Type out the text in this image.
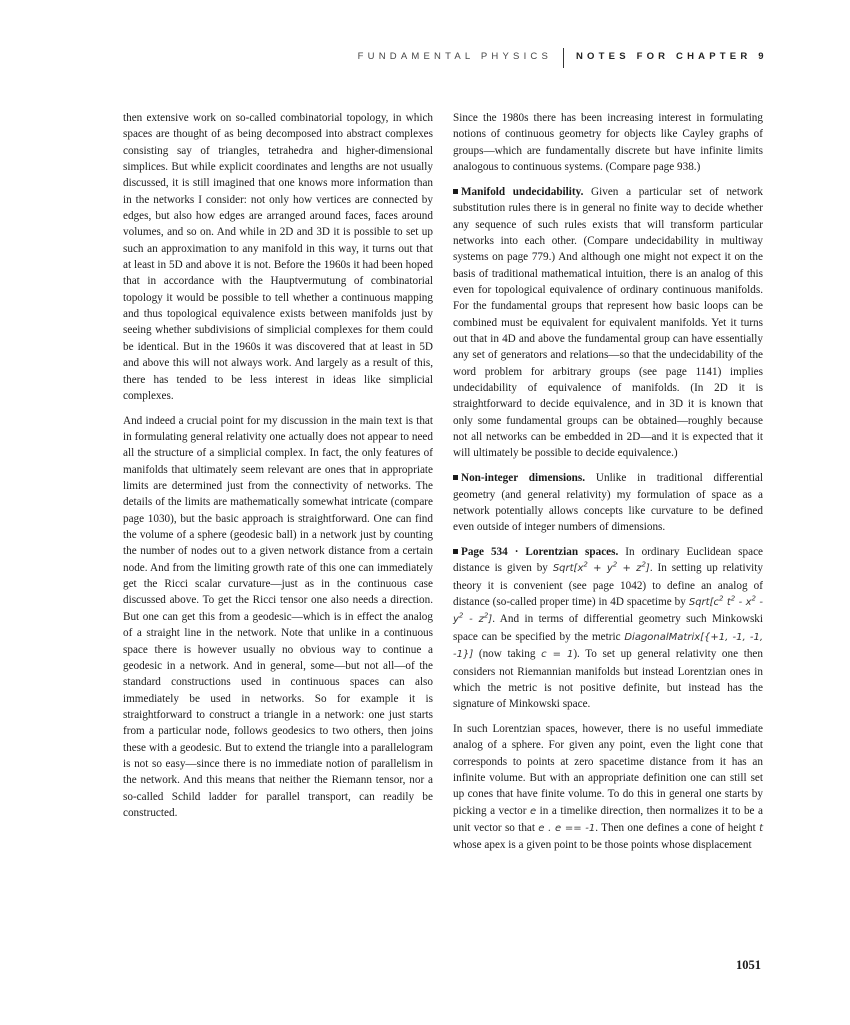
FUNDAMENTAL PHYSICS	NOTES FOR CHAPTER 9

then extensive work on so-called combinatorial topology, in which spaces are thought of as being decomposed into abstract complexes consisting say of triangles, tetrahedra and higher-dimensional simplices. But while explicit coordinates and lengths are not usually discussed, it is still imagined that one knows more information than in the networks I consider: not only how vertices are connected by edges, but also how edges are arranged around faces, faces around volumes, and so on. And while in 2D and 3D it is possible to set up such an approximation to any manifold in this way, it turns out that at least in 5D and above it is not. Before the 1960s it had been hoped that in accordance with the Hauptvermutung of combinatorial topology it would be possible to tell whether a continuous mapping and thus topological equivalence exists between manifolds just by seeing whether subdivisions of simplicial complexes for them could be identical. But in the 1960s it was discovered that at least in 5D and above this will not always work. And largely as a result of this, there has tended to be less interest in ideas like simplicial complexes.

And indeed a crucial point for my discussion in the main text is that in formulating general relativity one actually does not appear to need all the structure of a simplicial complex. In fact, the only features of manifolds that ultimately seem relevant are ones that in appropriate limits are determined just from the connectivity of networks. The details of the limits are mathematically somewhat intricate (compare page 1030), but the basic approach is straightforward. One can find the volume of a sphere (geodesic ball) in a network just by counting the number of nodes out to a given network distance from a certain node. And from the limiting growth rate of this one can immediately get the Ricci scalar curvature—just as in the continuous case discussed above. To get the Ricci tensor one also needs a direction. But one can get this from a geodesic—which is in effect the analog of a straight line in the network. Note that unlike in a continuous space there is however usually no obvious way to continue a geodesic in a network. And in general, some—but not all—of the standard constructions used in continuous spaces can also immediately be used in networks. So for example it is straightforward to construct a triangle in a network: one just starts from a particular node, follows geodesics to two others, then joins these with a geodesic. But to extend the triangle into a parallelogram is not so easy—since there is no immediate notion of parallelism in the network. And this means that neither the Riemann tensor, nor a so-called Schild ladder for parallel transport, can readily be constructed.

Since the 1980s there has been increasing interest in formulating notions of continuous geometry for objects like Cayley graphs of groups—which are fundamentally discrete but have infinite limits analogous to continuous systems. (Compare page 938.)

Manifold undecidability. Given a particular set of network substitution rules there is in general no finite way to decide whether any sequence of such rules exists that will transform particular networks into each other. (Compare undecidability in multiway systems on page 779.) And although one might not expect it on the basis of traditional mathematical intuition, there is an analog of this even for topological equivalence of ordinary continuous manifolds. For the fundamental groups that represent how basic loops can be combined must be equivalent for equivalent manifolds. Yet it turns out that in 4D and above the fundamental group can have essentially any set of generators and relations—so that the undecidability of the word problem for arbitrary groups (see page 1141) implies undecidability of equivalence of manifolds. (In 2D it is straightforward to decide equivalence, and in 3D it is known that only some fundamental groups can be obtained—roughly because not all networks can be embedded in 2D—and it is expected that it will ultimately be possible to decide equivalence.)

Non-integer dimensions. Unlike in traditional differential geometry (and general relativity) my formulation of space as a network potentially allows concepts like curvature to be defined even outside of integer numbers of dimensions.

Page 534 · Lorentzian spaces. In ordinary Euclidean space distance is given by $Sqrt[x^2 + y^2 + z^2]$. In setting up relativity theory it is convenient (see page 1042) to define an analog of distance (so-called proper time) in 4D spacetime by $Sqrt[c^2$ $t^2 - x^2 - y^2 - z^2$]. And in terms of differential geometry such Minkowski space can be specified by the metric DiagonalMatrix[{+1, -1, -1, -1}] (now taking c = 1). To set up general relativity one then considers not Riemannian manifolds but instead Lorentzian ones in which the metric is not positive definite, but instead has the signature of Minkowski space.

In such Lorentzian spaces, however, there is no useful immediate analog of a sphere. For given any point, even the light cone that corresponds to points at zero spacetime distance from it has an infinite volume. But with an appropriate definition one can still set up cones that have finite volume. To do this in general one starts by picking a vector e in a timelike direction, then normalizes it to be a unit vector so that e . e == -1. Then one defines a cone of height t whose apex is a given point to be those points whose displacement

1051
